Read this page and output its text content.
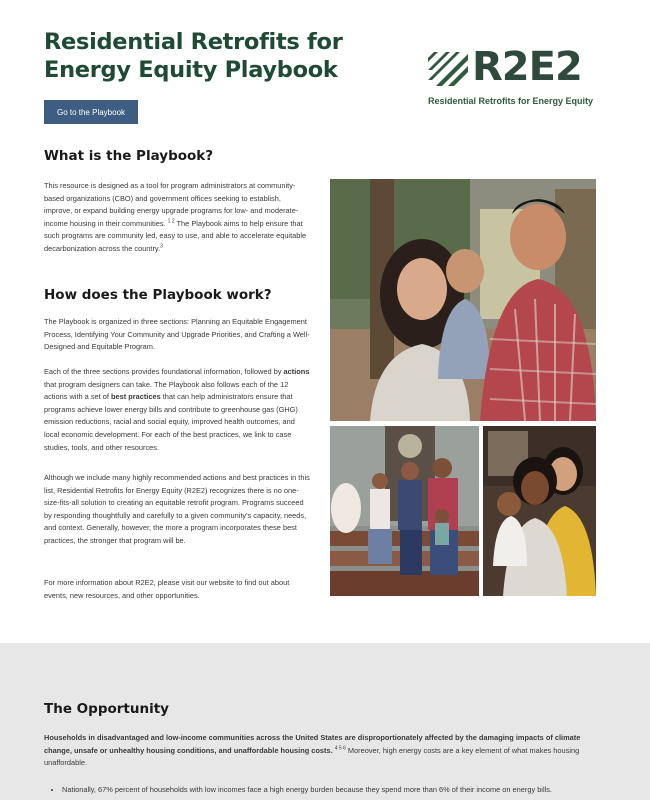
Residential Retrofits for Energy Equity Playbook	R2E2
Residential Retrofits for Energy Equity
Go to the Playbook
What is the Playbook?

This resource is designed as a tool for program administrators at community-based organizations (CBO) and government offices seeking to establish, improve, or expand building energy upgrade programs for low- and moderate-income housing in their communities. $^{1 2}$ The Playbook aims to help ensure that such programs are community led, easy to use, and able to accelerate equitable decarbonization across the country.$^3$

How does the Playbook work?

The Playbook is organized in three sections: Planning an Equitable Engagement Process, Identifying Your Community and Upgrade Priorities, and Crafting a Well-Designed and Equitable Program.

Each of the three sections provides foundational information, followed by actions that program designers can take. The Playbook also follows each of the 12 actions with a set of best practices that can help administrators ensure that programs achieve lower energy bills and contribute to greenhouse gas (GHG) emission reductions, racial and social equity, improved health outcomes, and local economic development. For each of the best practices, we link to case studies, tools, and other resources.

Although we include many highly recommended actions and best practices in this list, Residential Retrofits for Energy Equity (R2E2) recognizes there is no one-size-fits-all solution to creating an equitable retrofit program. Programs succeed by responding thoughtfully and carefully to a given community's capacity, needs, and context. Generally, however, the more a program incorporates these best practices, the stronger that program will be.

For more information about R2E2, please visit our website to find out about events, new resources, and other opportunities.

The Opportunity

Households in disadvantaged and low-income communities across the United States are disproportionately affected by the damaging impacts of climate change, unsafe or unhealthy housing conditions, and unaffordable housing costs. $^{4 5 6}$ Moreover, high energy costs are a key element of what makes housing unaffordable.

• Nationally, 67% percent of households with low incomes face a high energy burden because they spend more than 6% of their income on energy bills.
